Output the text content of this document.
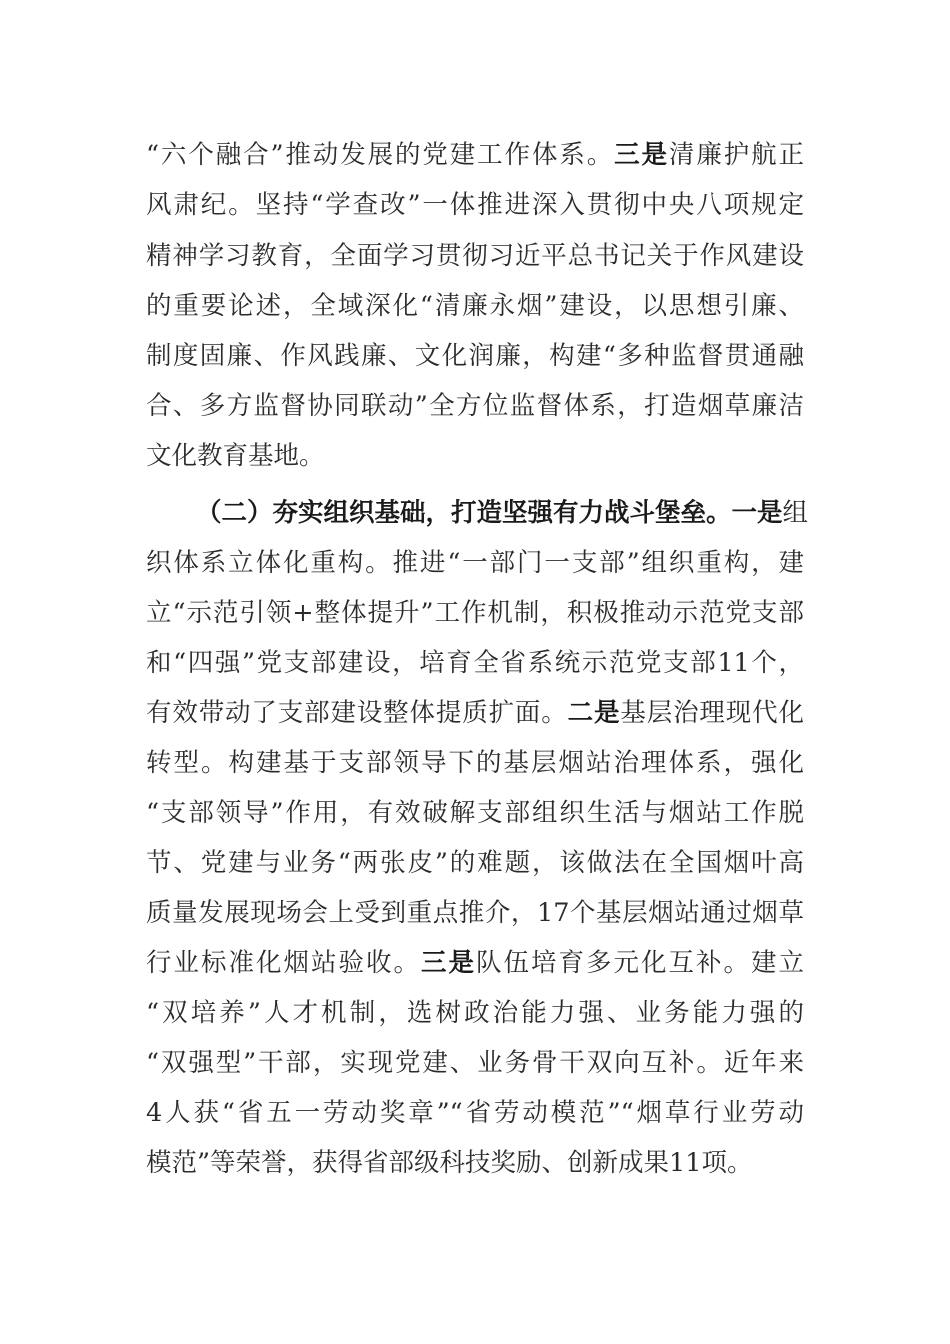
“六个融合”推动发展的党建工作体系。三是清廉护航正
风肃纪。坚持“学查改”一体推进深入贯彻中央八项规定
精神学习教育，全面学习贯彻习近平总书记关于作风建设
的重要论述，全域深化“清廉永烟”建设，以思想引廉、
制度固廉、作风践廉、文化润廉，构建“多种监督贯通融
合、多方监督协同联动”全方位监督体系，打造烟草廉洁
文化教育基地。
（二）夯实组织基础，打造坚强有力战斗堡垒。一是组
织体系立体化重构。推进“一部门一支部”组织重构，建
立“示范引领+整体提升”工作机制，积极推动示范党支部
和“四强”党支部建设，培育全省系统示范党支部11个，
有效带动了支部建设整体提质扩面。二是基层治理现代化
转型。构建基于支部领导下的基层烟站治理体系，强化
“支部领导”作用，有效破解支部组织生活与烟站工作脱
节、党建与业务“两张皮”的难题，该做法在全国烟叶高
质量发展现场会上受到重点推介，17个基层烟站通过烟草
行业标准化烟站验收。三是队伍培育多元化互补。建立
“双培养”人才机制，选树政治能力强、业务能力强的
“双强型”干部，实现党建、业务骨干双向互补。近年来
4人获“省五一劳动奖章”“省劳动模范”“烟草行业劳动
模范”等荣誉，获得省部级科技奖励、创新成果11项。
